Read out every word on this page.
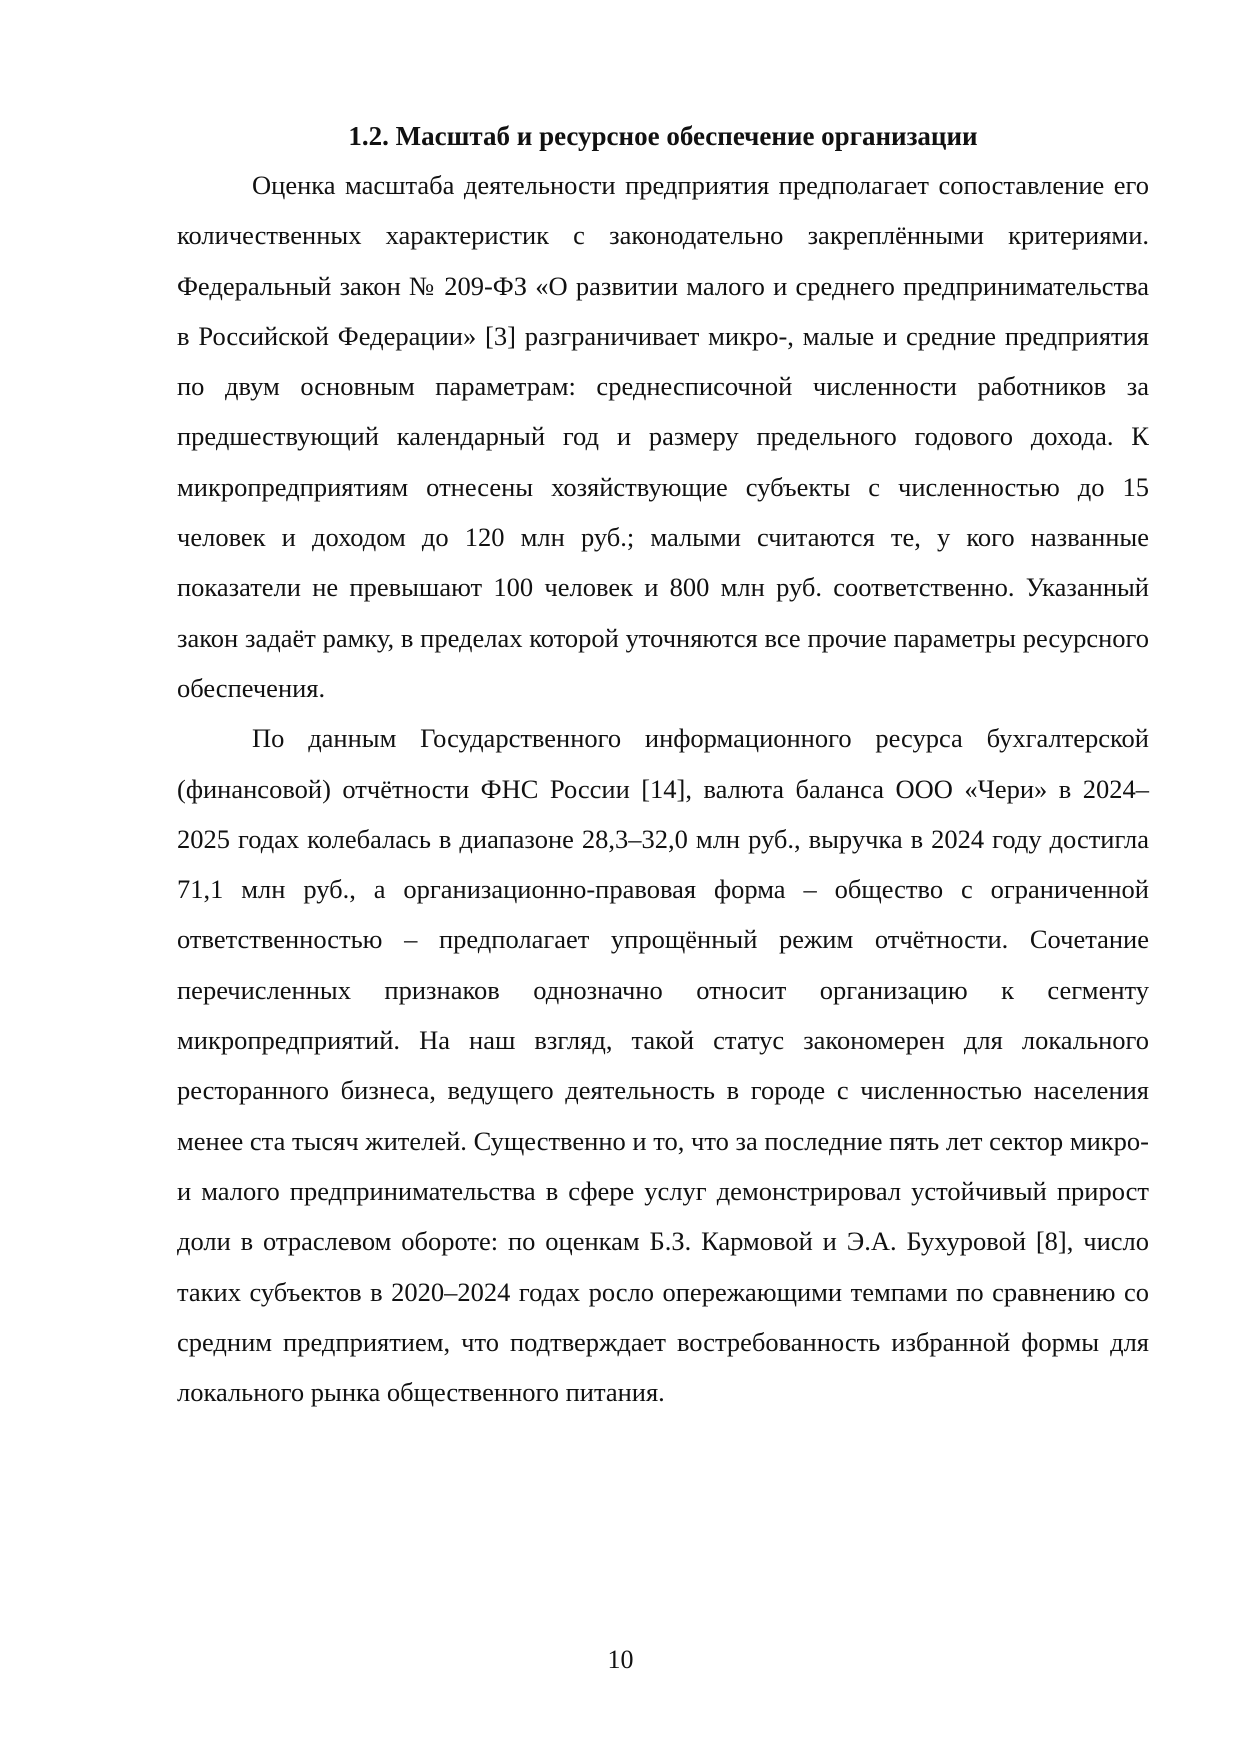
1.2. Масштаб и ресурсное обеспечение организации

Оценка масштаба деятельности предприятия предполагает сопоставление его количественных характеристик с законодательно закреплёнными критериями. Федеральный закон № 209-ФЗ «О развитии малого и среднего предпринимательства в Российской Федерации» [3] разграничивает микро-, малые и средние предприятия по двум основным параметрам: среднесписочной численности работников за предшествующий календарный год и размеру предельного годового дохода. К микропредприятиям отнесены хозяйствующие субъекты с численностью до 15 человек и доходом до 120 млн руб.; малыми считаются те, у кого названные показатели не превышают 100 человек и 800 млн руб. соответственно. Указанный закон задаёт рамку, в пределах которой уточняются все прочие параметры ресурсного обеспечения.

По данным Государственного информационного ресурса бухгалтерской (финансовой) отчётности ФНС России [14], валюта баланса ООО «Чери» в 2024–2025 годах колебалась в диапазоне 28,3–32,0 млн руб., выручка в 2024 году достигла 71,1 млн руб., а организационно-правовая форма – общество с ограниченной ответственностью – предполагает упрощённый режим отчётности. Сочетание перечисленных признаков однозначно относит организацию к сегменту микропредприятий. На наш взгляд, такой статус закономерен для локального ресторанного бизнеса, ведущего деятельность в городе с численностью населения менее ста тысяч жителей. Существенно и то, что за последние пять лет сектор микро- и малого предпринимательства в сфере услуг демонстрировал устойчивый прирост доли в отраслевом обороте: по оценкам Б.З. Кармовой и Э.А. Бухуровой [8], число таких субъектов в 2020–2024 годах росло опережающими темпами по сравнению со средним предприятием, что подтверждает востребованность избранной формы для локального рынка общественного питания.

10
